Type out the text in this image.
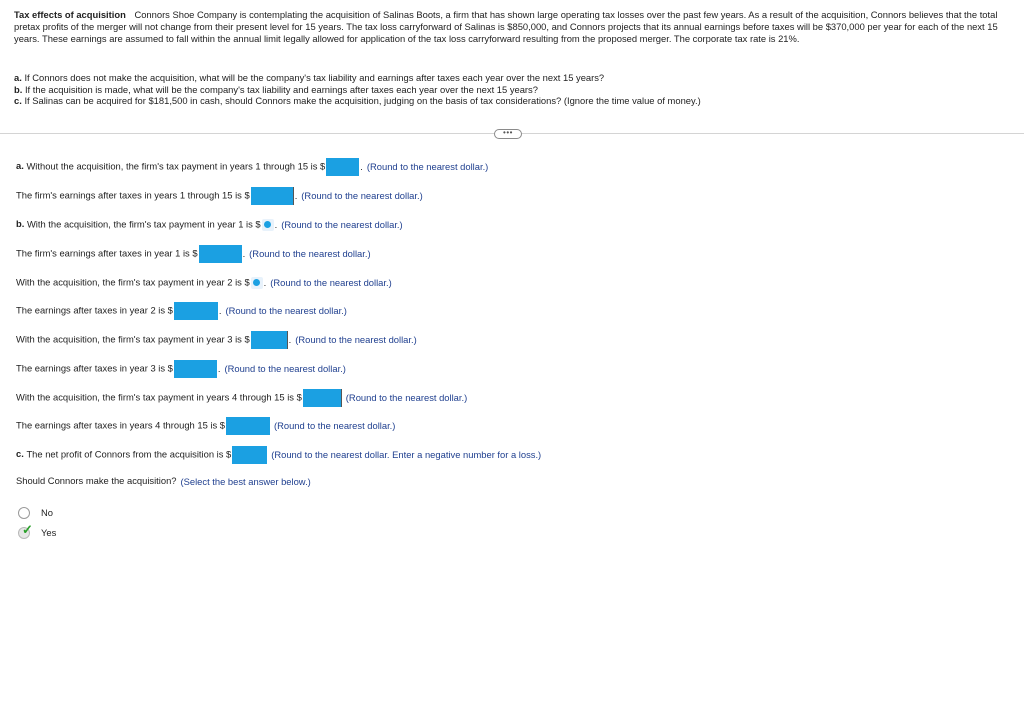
Tax effects of acquisition Connors Shoe Company is contemplating the acquisition of Salinas Boots, a firm that has shown large operating tax losses over the past few years. As a result of the acquisition, Connors believes that the total pretax profits of the merger will not change from their present level for 15 years. The tax loss carryforward of Salinas is $850,000, and Connors projects that its annual earnings before taxes will be $370,000 per year for each of the next 15 years. These earnings are assumed to fall within the annual limit legally allowed for application of the tax loss carryforward resulting from the proposed merger. The corporate tax rate is 21%.
a. If Connors does not make the acquisition, what will be the company's tax liability and earnings after taxes each year over the next 15 years?
b. If the acquisition is made, what will be the company's tax liability and earnings after taxes each year over the next 15 years?
c. If Salinas can be acquired for $181,500 in cash, should Connors make the acquisition, judging on the basis of tax considerations? (Ignore the time value of money.)
•••
a. Without the acquisition, the firm's tax payment in years 1 through 15 is $	. (Round to the nearest dollar.)
The firm's earnings after taxes in years 1 through 15 is $	. (Round to the nearest dollar.)
b. With the acquisition, the firm's tax payment in year 1 is $ . (Round to the nearest dollar.)
The firm's earnings after taxes in year 1 is $	. (Round to the nearest dollar.)
With the acquisition, the firm's tax payment in year 2 is $ . (Round to the nearest dollar.)
The earnings after taxes in year 2 is $	. (Round to the nearest dollar.)
With the acquisition, the firm's tax payment in year 3 is $	. (Round to the nearest dollar.)
The earnings after taxes in year 3 is $	. (Round to the nearest dollar.)
With the acquisition, the firm's tax payment in years 4 through 15 is $	(Round to the nearest dollar.)
The earnings after taxes in years 4 through 15 is $	(Round to the nearest dollar.)
c. The net profit of Connors from the acquisition is $	(Round to the nearest dollar. Enter a negative number for a loss.)
Should Connors make the acquisition? (Select the best answer below.)
No
✓ Yes
